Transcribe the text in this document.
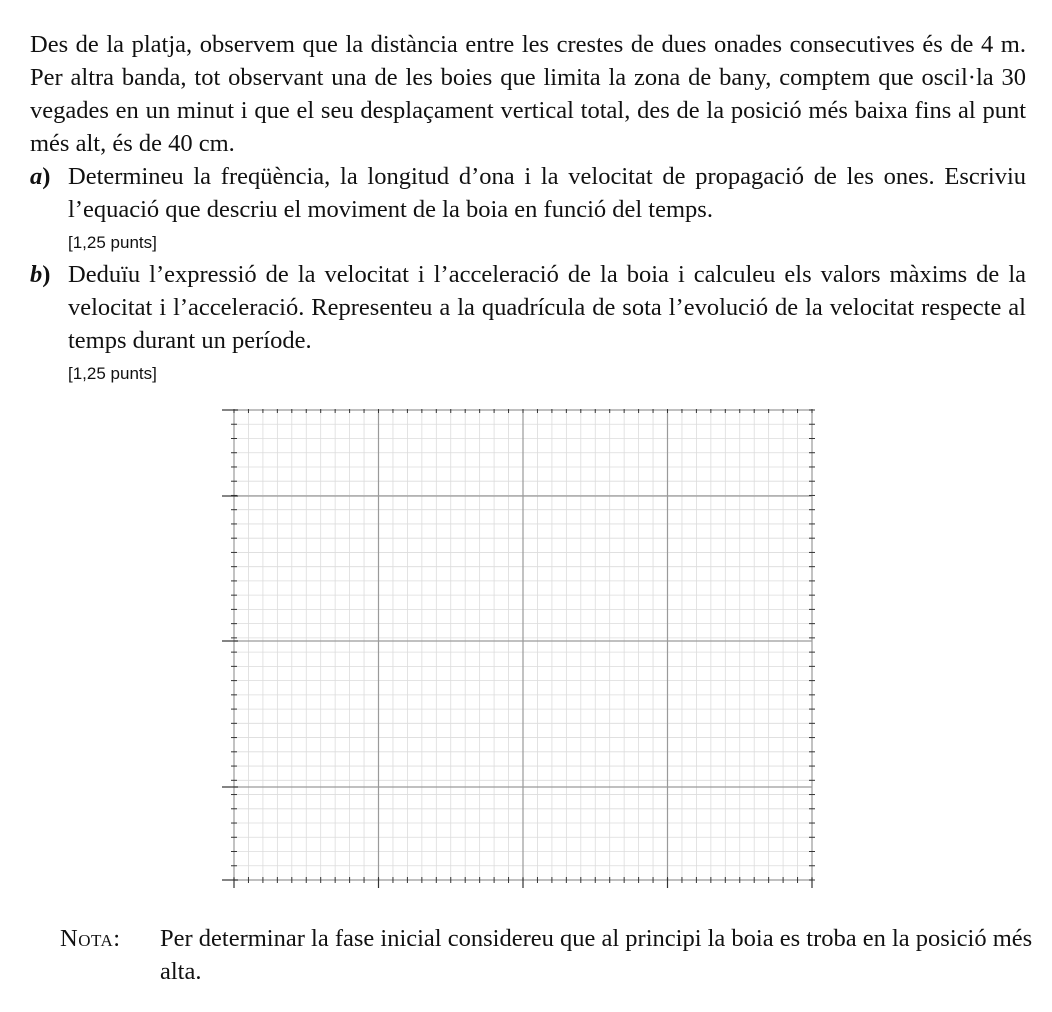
Des de la platja, observem que la distància entre les crestes de dues onades consecutives és de 4 m. Per altra banda, tot observant una de les boies que limita la zona de bany, comptem que oscil·la 30 vegades en un minut i que el seu desplaçament vertical total, des de la posició més baixa fins al punt més alt, és de 40 cm.

a) Determineu la freqüència, la longitud d’ona i la velocitat de propagació de les ones. Escriviu l’equació que descriu el moviment de la boia en funció del temps.
[1,25 punts]
b) Deduïu l’expressió de la velocitat i l’acceleració de la boia i calculeu els valors màxims de la velocitat i l’acceleració. Representeu a la quadrícula de sota l’evolució de la velocitat respecte al temps durant un període.
[1,25 punts]
Nota: Per determinar la fase inicial considereu que al principi la boia es troba en la posició més alta.
